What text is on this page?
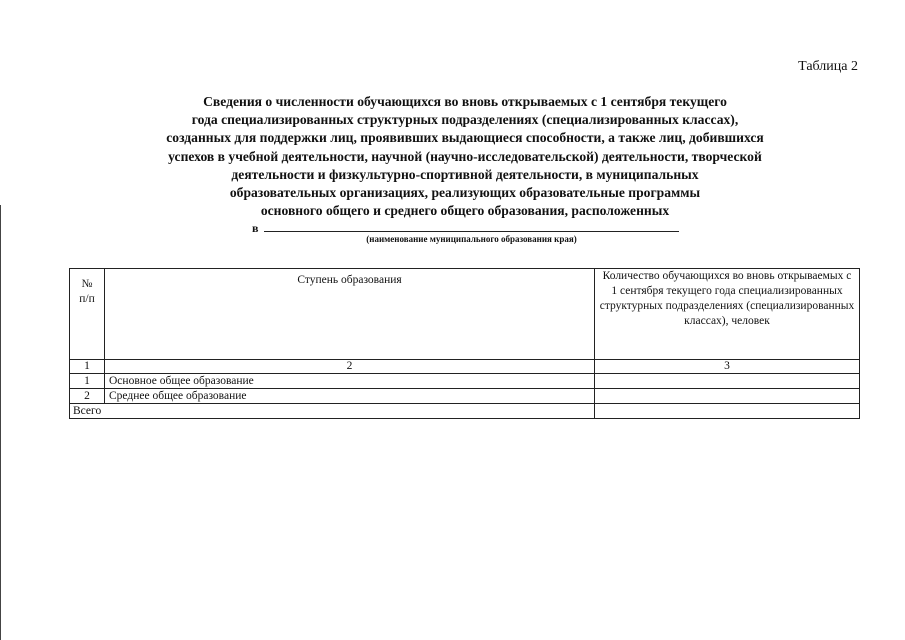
Таблица 2
Сведения о численности обучающихся во вновь открываемых с 1 сентября текущего
года специализированных структурных подразделениях (специализированных классах),
созданных для поддержки лиц, проявивших выдающиеся способности, а также лиц, добившихся
успехов в учебной деятельности, научной (научно-исследовательской) деятельности, творческой
деятельности и физкультурно-спортивной деятельности, в муниципальных
образовательных организациях, реализующих образовательные программы
основного общего и среднего общего образования, расположенных
в
(наименование муниципального образования края)
№
п/п	Ступень образования	Количество обучающихся во вновь открываемых с 1 сентября текущего года специализированных структурных подразделениях (специализированных классах), человек
1	2	3
1	Основное общее образование	
2	Среднее общее образование	
Всего		
